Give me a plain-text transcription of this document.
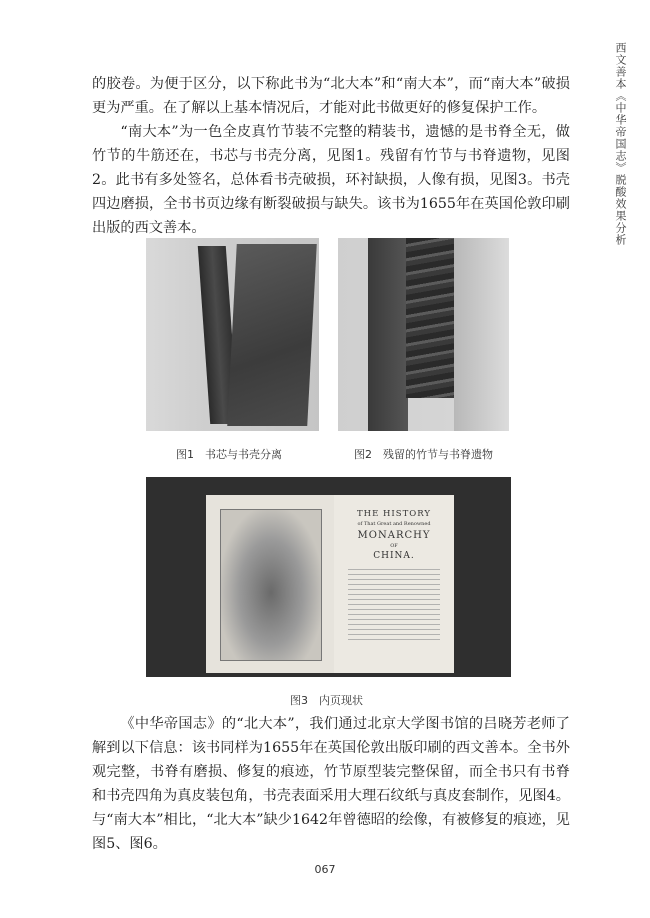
西文善本《中华帝国志》脱酸效果分析

的胶卷。为便于区分，以下称此书为“北大本”和“南大本”，而“南大本”破损更为严重。在了解以上基本情况后，才能对此书做更好的修复保护工作。

“南大本”为一色全皮真竹节装不完整的精装书，遗憾的是书脊全无，做竹节的牛筋还在，书芯与书壳分离，见图1。残留有竹节与书脊遗物，见图2。此书有多处签名，总体看书壳破损，环衬缺损，人像有损，见图3。书壳四边磨损，全书书页边缘有断裂破损与缺失。该书为1655年在英国伦敦印刷出版的西文善本。

图1　书芯与书壳分离	图2　残留的竹节与书脊遗物
THE HISTORY
of That Great and Renowned
MONARCHY
OF
CHINA.
图3　内页现状

《中华帝国志》的“北大本”，我们通过北京大学图书馆的吕晓芳老师了解到以下信息：该书同样为1655年在英国伦敦出版印刷的西文善本。全书外观完整，书脊有磨损、修复的痕迹，竹节原型装完整保留，而全书只有书脊和书壳四角为真皮装包角，书壳表面采用大理石纹纸与真皮套制作，见图4。与“南大本”相比，“北大本”缺少1642年曾德昭的绘像，有被修复的痕迹，见图5、图6。

067
